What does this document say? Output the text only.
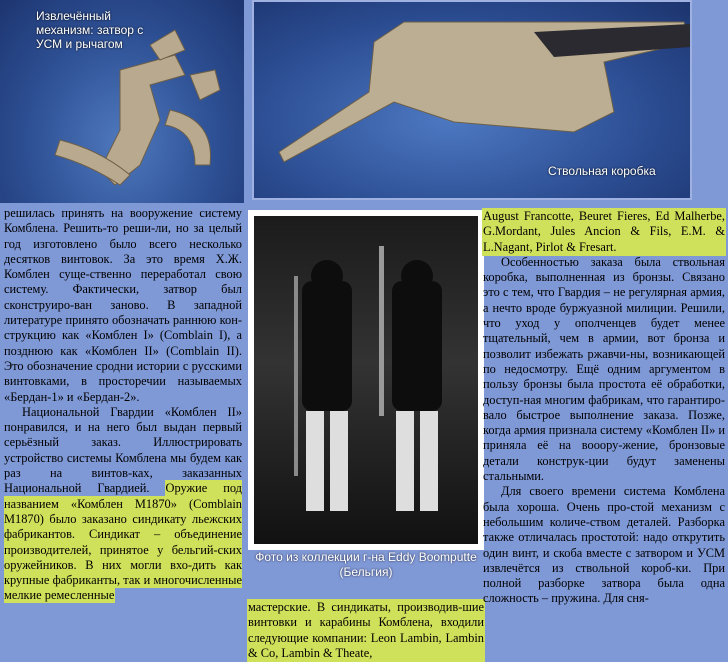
Извлечённый механизм: затвор с УСМ и рычагом
Ствольная коробка
Фото из коллекции г-на Eddy Boomputte (Бельгия)

решилась принять на вооружение систему Комблена. Решить-то реши-ли, но за целый год изготовлено было всего несколько десятков винтовок. За это время Х.Ж. Комблен суще-ственно переработал свою систему. Фактически, затвор был сконструиро-ван заново. В западной литературе принято обозначать раннюю кон-струкцию как «Комблен I» (Comblain I), а позднюю как «Комблен II» (Comblain II). Это обозначение сродни истории с русскими винтовками, в просторечии называемых «Бердан-1» и «Бердан-2».

Национальной Гвардии «Комблен II» понравился, и на него был выдан первый серьёзный заказ. Иллюстрировать устройство системы Комблена мы будем как раз на винтов-ках, заказанных Национальной Гвардией. Оружие под названием «Комблен М1870» (Comblain M1870) было заказано синдикату льежских фабрикантов. Синдикат – объединение производителей, принятое у бельгий-ских оружейников. В них могли вхо-дить как крупные фабриканты, так и многочисленные мелкие ремесленные

мастерские. В синдикаты, производив-шие винтовки и карабины Комблена, входили следующие компании: Leon Lambin, Lambin & Co, Lambin & Theate,

August Francotte, Beuret Fieres, Ed Malherbe, G.Mordant, Jules Ancion & Fils, E.M. & L.Nagant, Pirlot & Fresart.

Особенностью заказа была ствольная коробка, выполненная из бронзы. Связано это с тем, что Гвардия – не регулярная армия, а нечто вроде буржуазной милиции. Решили, что уход у ополченцев будет менее тщательный, чем в армии, вот бронза и позволит избежать ржавчи-ны, возникающей по недосмотру. Ещё одним аргументом в пользу бронзы была простота её обработки, доступ-ная многим фабрикам, что гарантиро-вало быстрое выполнение заказа. Позже, когда армия признала систему «Комблен II» и приняла её на вооору-жение, бронзовые детали конструк-ции будут заменены стальными.

Для своего времени система Комблена была хороша. Очень про-стой механизм с небольшим количе-ством деталей. Разборка также отличалась простотой: надо открутить один винт, и скоба вместе с затвором и УСМ извлечётся из ствольной короб-ки. При полной разборке затвора была одна сложность – пружина. Для сня-
